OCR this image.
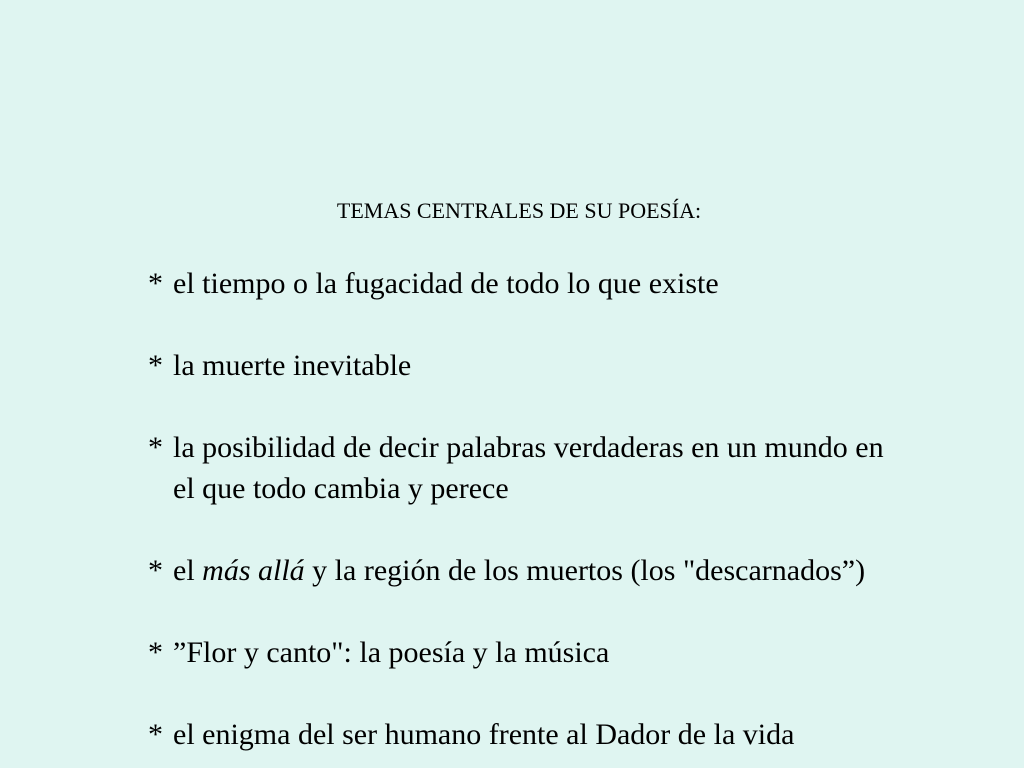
TEMAS CENTRALES DE SU POESÍA:
* el tiempo o la fugacidad de todo lo que existe
* la muerte inevitable
* la posibilidad de decir palabras verdaderas en un mundo en
el que todo cambia y perece
* el más allá y la región de los muertos (los "descarnados”)
* ”Flor y canto": la poesía y la música
* el enigma del ser humano frente al Dador de la vida
